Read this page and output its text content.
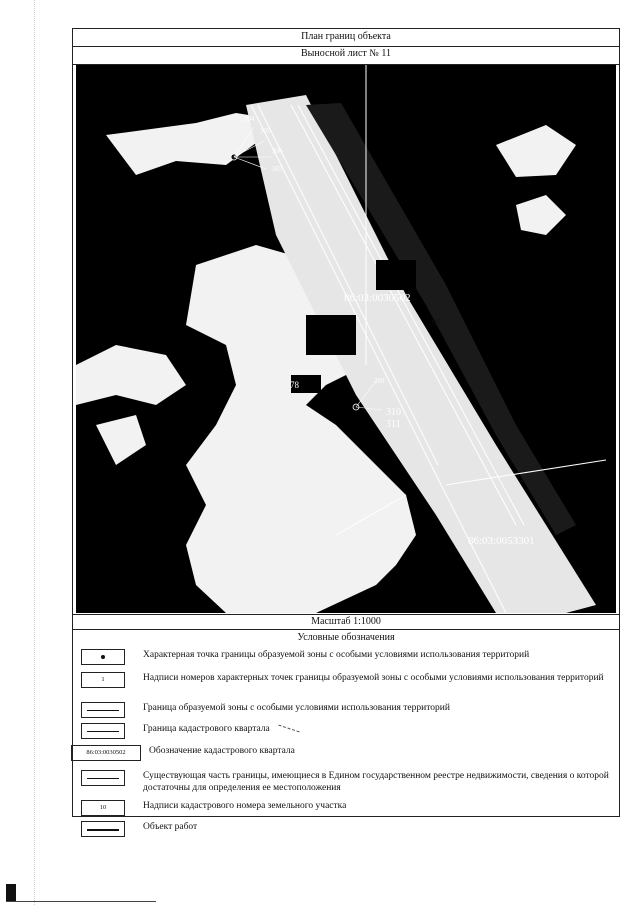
План границ объекта
Выносной лист № 11
86:03:0030502
86:03:0053301
97
78
304
305
306
307
309
310
311
Масштаб 1:1000
Условные обозначения
Характерная точка границы образуемой зоны с особыми условиями использования территорий
1	Надписи номеров характерных точек границы образуемой зоны с особыми условиями использования территорий
Граница образуемой зоны с особыми условиями использования территорий
Граница кадастрового квартала
86:03:0030502	Обозначение кадастрового квартала
Существующая часть границы, имеющиеся в Едином государственном реестре недвижимости, сведения о которой достаточны для определения ее местоположения
10	Надписи кадастрового номера земельного участка
Объект работ
